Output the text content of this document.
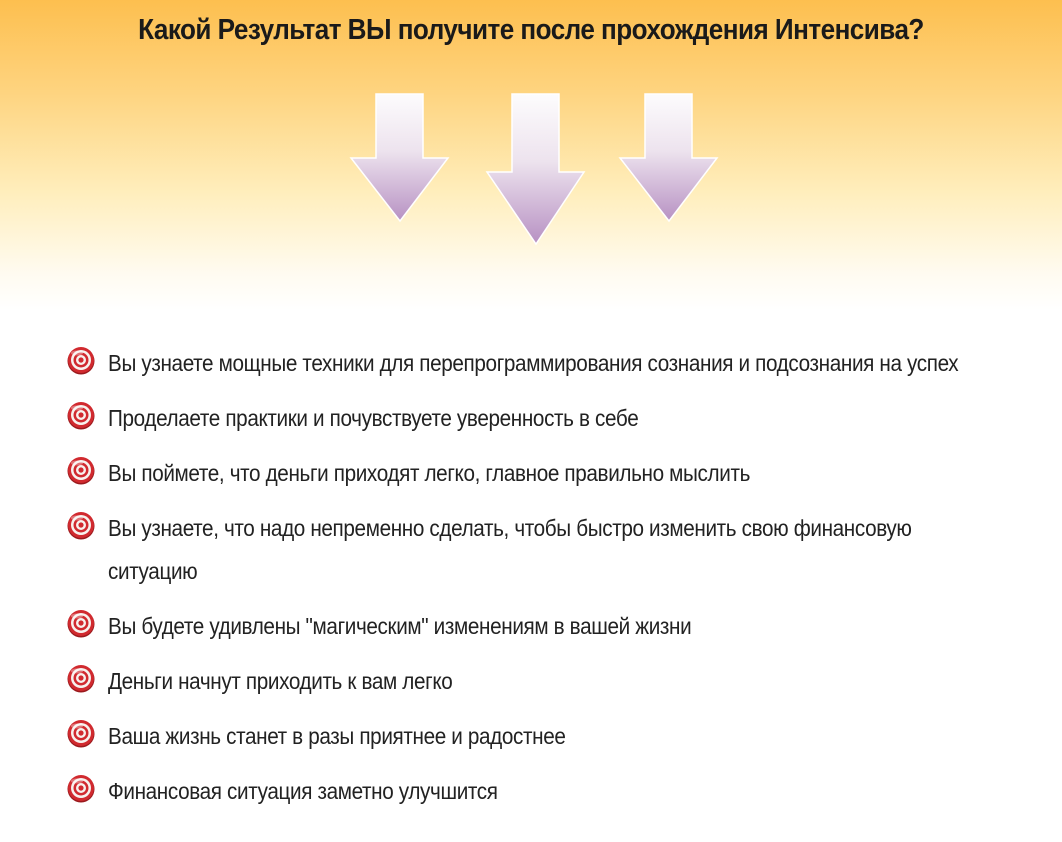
Какой Результат ВЫ получите после прохождения Интенсива?
Вы узнаете мощные техники для перепрограммирования сознания и подсознания на успех
Проделаете практики и почувствуете уверенность в себе
Вы поймете, что деньги приходят легко, главное правильно мыслить
Вы узнаете, что надо непременно сделать, чтобы быстро изменить свою финансовую ситуацию
Вы будете удивлены "магическим" изменениям в вашей жизни
Деньги начнут приходить к вам легко
Ваша жизнь станет в разы приятнее и радостнее
Финансовая ситуация заметно улучшится
